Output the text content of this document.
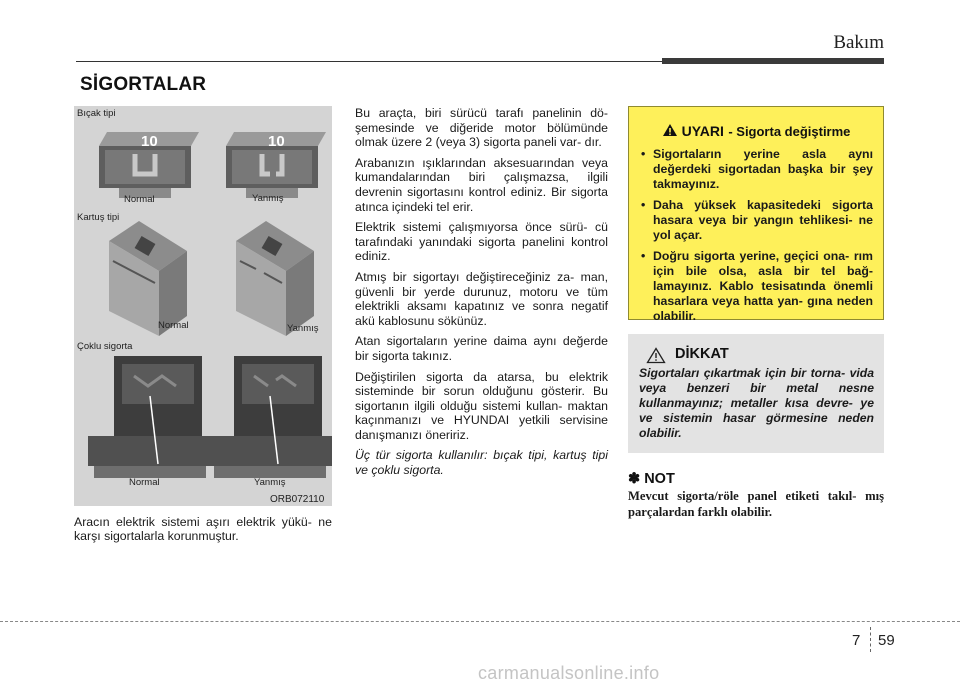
Bakım
SİGORTALAR
Bıçak tipi
10	10
Normal	Yanmış
Kartuş tipi
Normal	Yanmış
Çoklu sigorta
Normal	Yanmış
ORB072110

Aracın elektrik sistemi aşırı elektrik yükü- ne karşı sigortalarla korunmuştur.

Bu araçta, biri sürücü tarafı panelinin dö- şemesinde ve diğeride motor bölümünde olmak üzere 2 (veya 3) sigorta paneli var- dır.

Arabanızın ışıklarından aksesuarından veya kumandalarından biri çalışmazsa, ilgili devrenin sigortasını kontrol ediniz. Bir sigorta atınca içindeki tel erir.

Elektrik sistemi çalışmıyorsa önce sürü- cü tarafındaki yanındaki sigorta panelini kontrol ediniz.

Atmış bir sigortayı değiştireceğiniz za- man, güvenli bir yerde durunuz, motoru ve tüm elektrikli aksamı kapatınız ve sonra negatif akü kablosunu sökünüz.

Atan sigortaların yerine daima aynı değerde bir sigorta takınız.

Değiştirilen sigorta da atarsa, bu elektrik sisteminde bir sorun olduğunu gösterir. Bu sigortanın ilgili olduğu sistemi kullan- maktan kaçınmanızı ve HYUNDAI yetkili servisine danışmanızı öneririz.

Üç tür sigorta kullanılır: bıçak tipi, kartuş tipi ve çoklu sigorta.

UYARI - Sigorta değiştirme
• Sigortaların yerine asla aynı değerdeki sigortadan başka bir şey takmayınız.
• Daha yüksek kapasitedeki sigorta hasara veya bir yangın tehlikesi- ne yol açar.
• Doğru sigorta yerine, geçici ona- rım için bile olsa, asla bir tel bağ- lamayınız. Kablo tesisatında önemli hasarlara veya hatta yan- gına neden olabilir.
DİKKAT

Sigortaları çıkartmak için bir torna- vida veya benzeri bir metal nesne kullanmayınız; metaller kısa devre- ye ve sistemin hasar görmesine neden olabilir.

✽ NOT

Mevcut sigorta/röle panel etiketi takıl- mış parçalardan farklı olabilir.

7 59
carmanualsonline.info
